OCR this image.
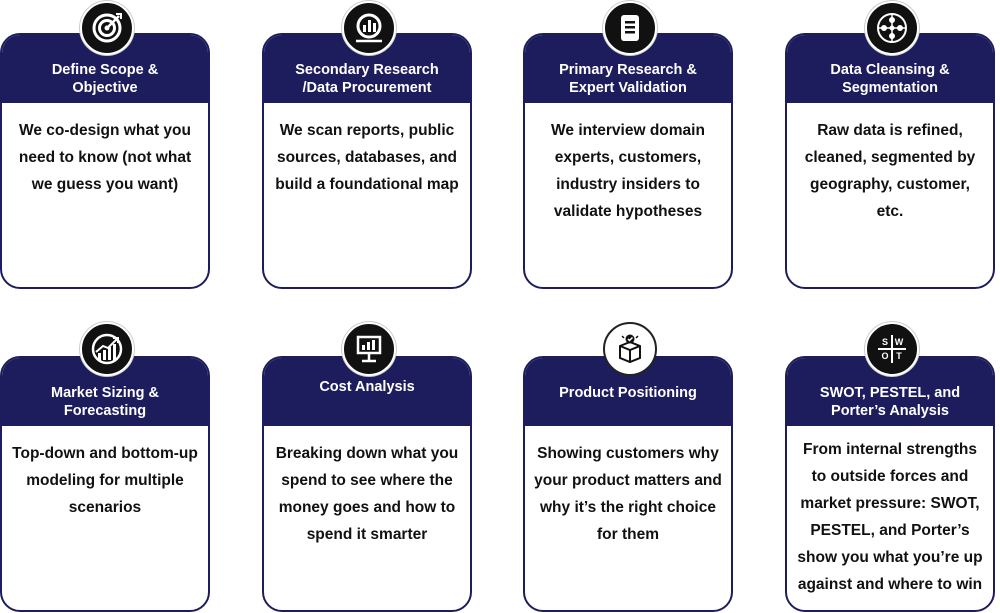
Define Scope &
Objective
We co-design what you need to know (not what we guess you want)
Secondary Research
/Data Procurement
We scan reports, public sources, databases, and build a foundational map
Primary Research &
Expert Validation
We interview domain experts, customers, industry insiders to validate hypotheses
Data Cleansing &
Segmentation
Raw data is refined, cleaned, segmented by geography, customer, etc.
Market Sizing &
Forecasting
Top-down and bottom-up modeling for multiple scenarios
Cost Analysis
Breaking down what you spend to see where the money goes and how to spend it smarter
Product Positioning
Showing customers why your product matters and why it’s the right choice for them
SWOT, PESTEL, and
Porter’s Analysis
From internal strengths to outside forces and market pressure: SWOT, PESTEL, and Porter’s show you what you’re up against and where to win
S W
O T
